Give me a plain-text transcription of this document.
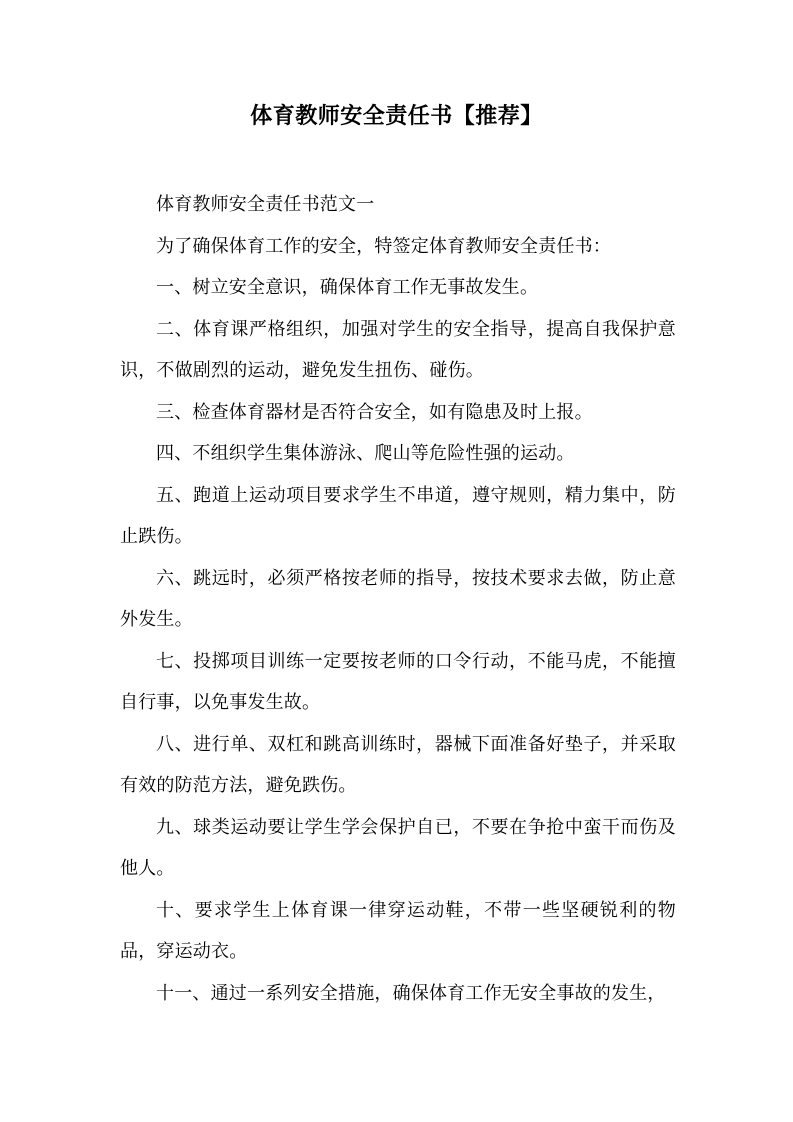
体育教师安全责任书【推荐】

体育教师安全责任书范文一

为了确保体育工作的安全，特签定体育教师安全责任书：

一、树立安全意识，确保体育工作无事故发生。

二、体育课严格组织，加强对学生的安全指导，提高自我保护意识，不做剧烈的运动，避免发生扭伤、碰伤。

三、检查体育器材是否符合安全，如有隐患及时上报。

四、不组织学生集体游泳、爬山等危险性强的运动。

五、跑道上运动项目要求学生不串道，遵守规则，精力集中，防止跌伤。

六、跳远时，必须严格按老师的指导，按技术要求去做，防止意外发生。

七、投掷项目训练一定要按老师的口令行动，不能马虎，不能擅自行事，以免事发生故。

八、进行单、双杠和跳高训练时，器械下面准备好垫子，并采取有效的防范方法，避免跌伤。

九、球类运动要让学生学会保护自已，不要在争抢中蛮干而伤及他人。

十、要求学生上体育课一律穿运动鞋，不带一些坚硬锐利的物品，穿运动衣。

十一、通过一系列安全措施，确保体育工作无安全事故的发生，
